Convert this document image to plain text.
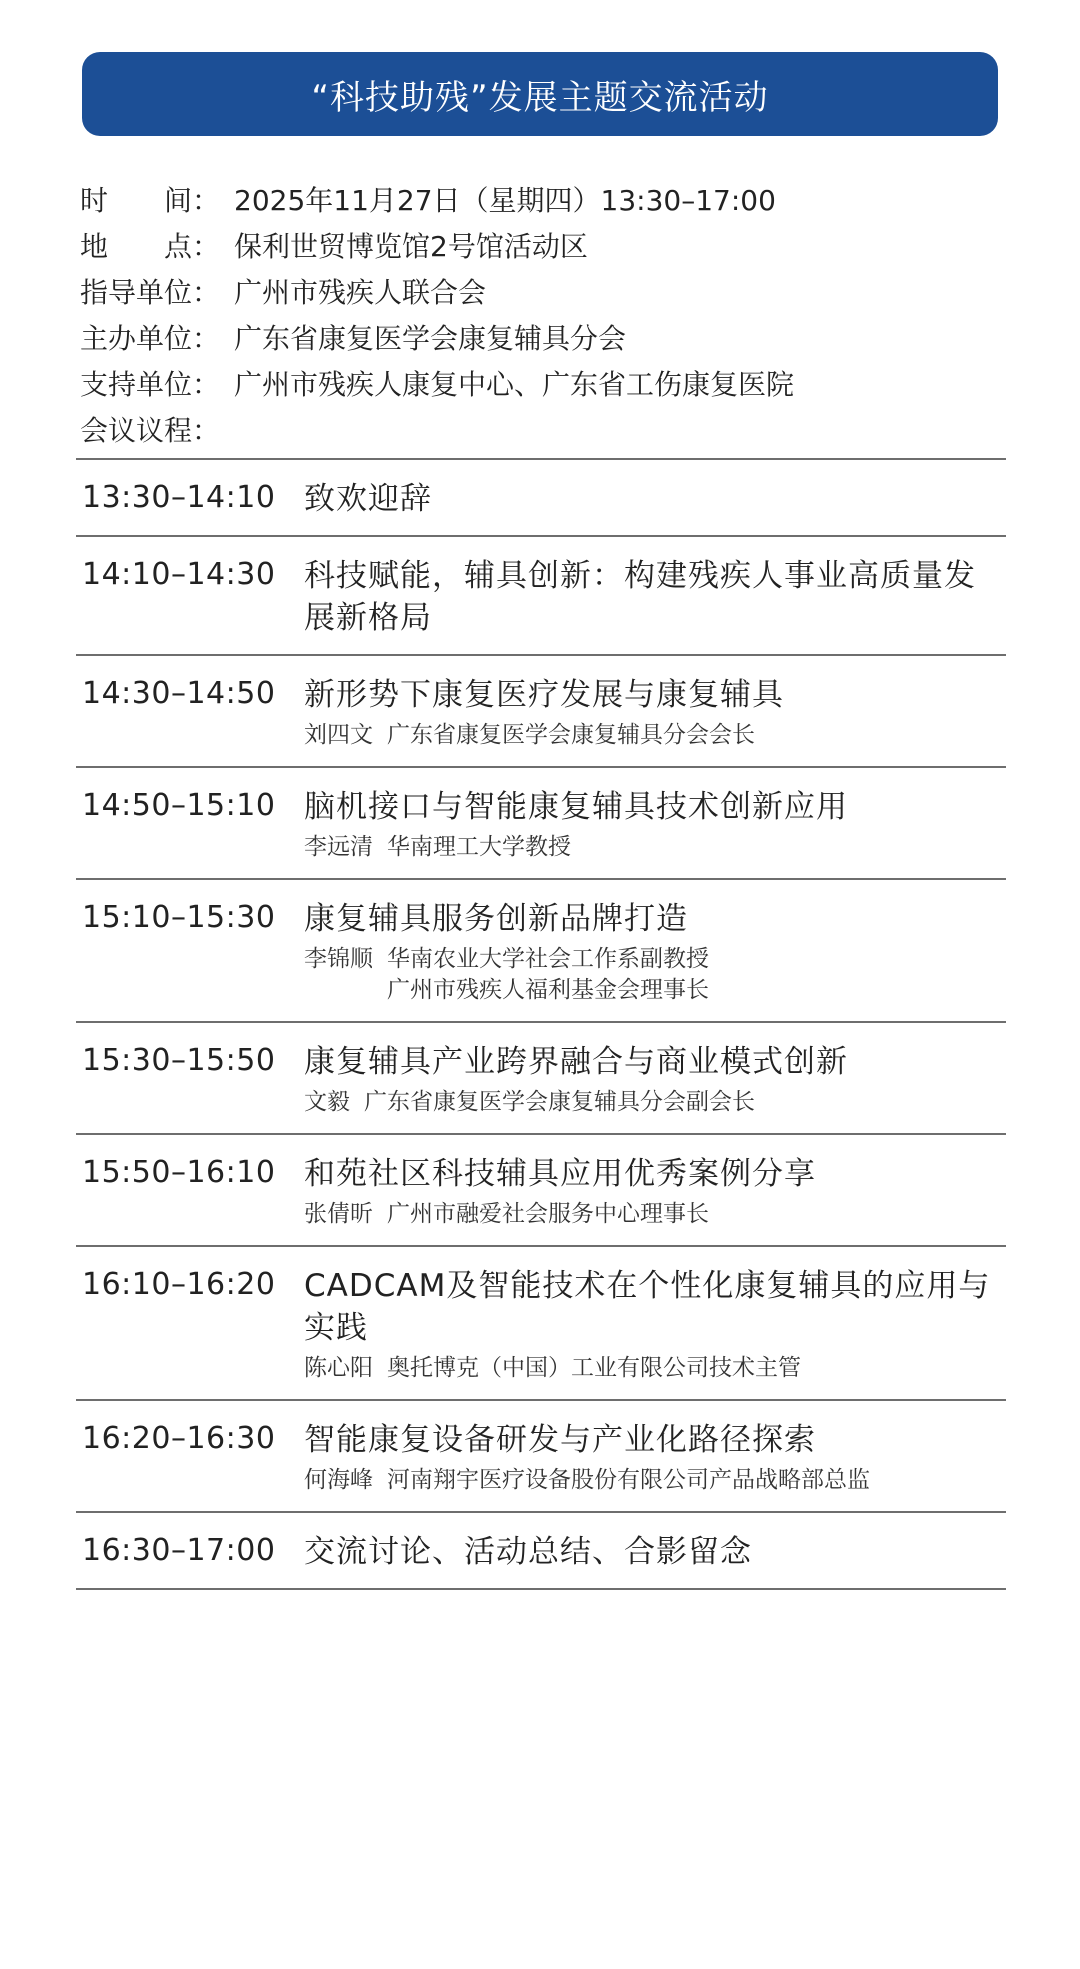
“科技助残”发展主题交流活动
时　　间： 2025年11月27日（星期四）13:30–17:00
地　　点： 保利世贸博览馆2号馆活动区
指导单位： 广州市残疾人联合会
主办单位： 广东省康复医学会康复辅具分会
支持单位： 广州市残疾人康复中心、广东省工伤康复医院
会议议程：
13:30–14:10 致欢迎辞
14:10–14:30 科技赋能，辅具创新：构建残疾人事业高质量发展新格局
14:30–14:50 新形势下康复医疗发展与康复辅具
刘四文 广东省康复医学会康复辅具分会会长
14:50–15:10 脑机接口与智能康复辅具技术创新应用
李远清 华南理工大学教授
15:10–15:30 康复辅具服务创新品牌打造
李锦顺 华南农业大学社会工作系副教授
广州市残疾人福利基金会理事长
15:30–15:50 康复辅具产业跨界融合与商业模式创新
文毅 广东省康复医学会康复辅具分会副会长
15:50–16:10 和苑社区科技辅具应用优秀案例分享
张倩昕 广州市融爱社会服务中心理事长
16:10–16:20 CADCAM及智能技术在个性化康复辅具的应用与实践
陈心阳 奥托博克（中国）工业有限公司技术主管
16:20–16:30 智能康复设备研发与产业化路径探索
何海峰 河南翔宇医疗设备股份有限公司产品战略部总监
16:30–17:00 交流讨论、活动总结、合影留念
